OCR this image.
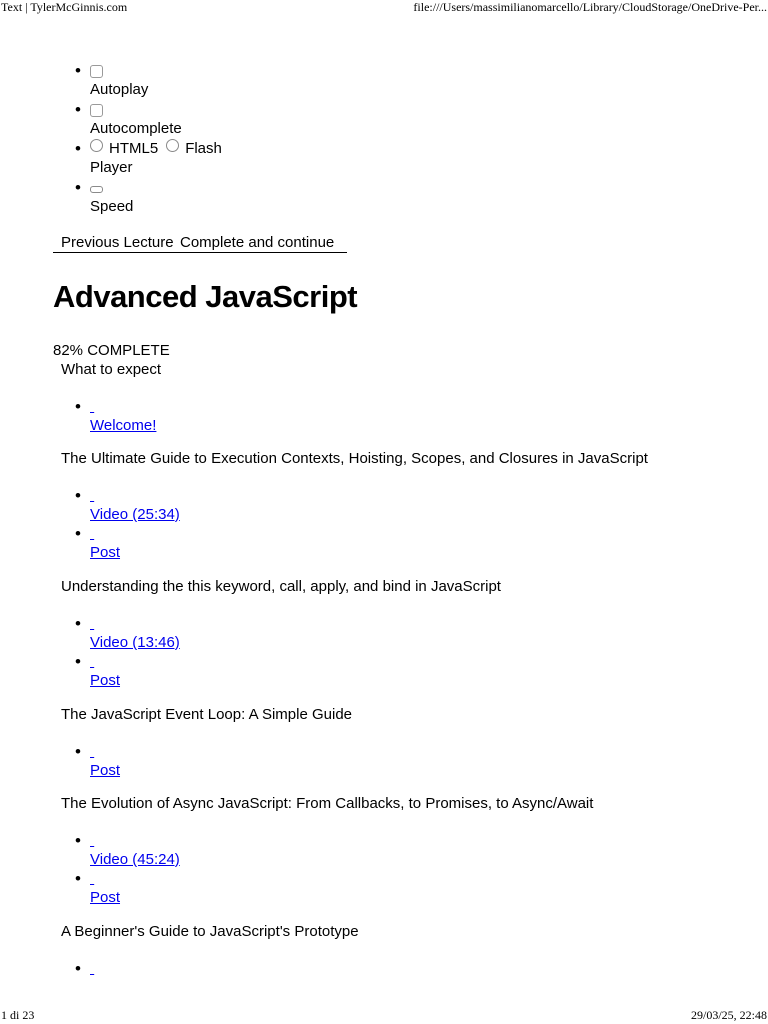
Text | TylerMcGinnis.com	file:///Users/massimilianomarcello/Library/CloudStorage/OneDrive-Per...
• Autoplay
• Autocomplete
• HTML5 Flash
Player
• Speed
Previous Lecture Complete and continue
Advanced JavaScript
82% COMPLETE
What to expect

• Welcome!
The Ultimate Guide to Execution Contexts, Hoisting, Scopes, and Closures in JavaScript

• Video (25:34)

• Post
Understanding the this keyword, call, apply, and bind in JavaScript

• Video (13:46)

• Post
The JavaScript Event Loop: A Simple Guide

• Post
The Evolution of Async JavaScript: From Callbacks, to Promises, to Async/Await

• Video (45:24)

• Post
A Beginner's Guide to JavaScript's Prototype
•

1 di 23	29/03/25, 22:48
